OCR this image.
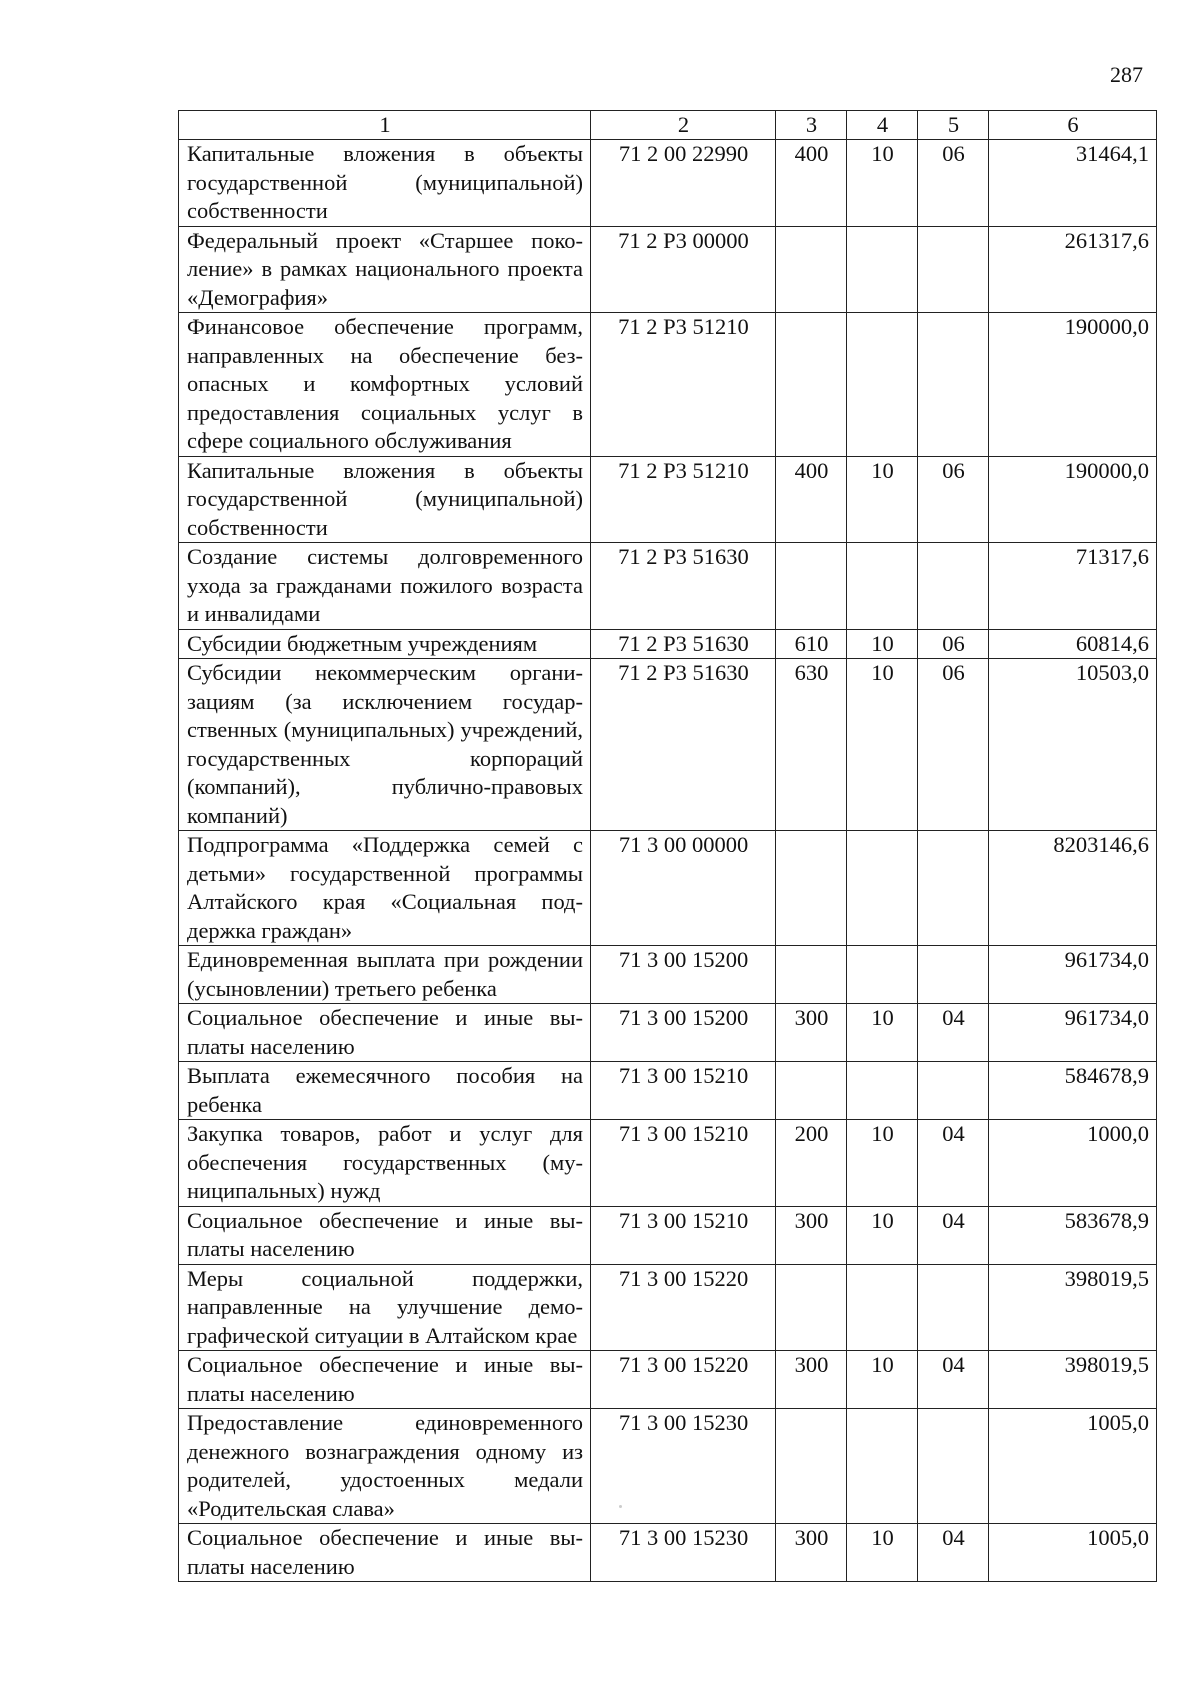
287
1	2	3	4	5	6
Капитальные вложения в объекты государственной (муниципальной) собственности	71 2 00 22990	400	10	06	31464,1
Федеральный проект «Старшее поколение» в рамках национального проекта «Демография»	71 2 P3 00000				261317,6
Финансовое обеспечение программ, направленных на обеспечение безопасных и комфортных условий предоставления социальных услуг в сфере социального обслуживания	71 2 P3 51210				190000,0
Капитальные вложения в объекты государственной (муниципальной) собственности	71 2 P3 51210	400	10	06	190000,0
Создание системы долговременного ухода за гражданами пожилого возраста и инвалидами	71 2 P3 51630				71317,6
Субсидии бюджетным учреждениям	71 2 P3 51630	610	10	06	60814,6
Субсидии некоммерческим организациям (за исключением государственных (муниципальных) учреждений, государственных корпораций (компаний), публично-правовых компаний)	71 2 P3 51630	630	10	06	10503,0
Подпрограмма «Поддержка семей с детьми» государственной программы Алтайского края «Социальная поддержка граждан»	71 3 00 00000				8203146,6
Единовременная выплата при рождении (усыновлении) третьего ребенка	71 3 00 15200				961734,0
Социальное обеспечение и иные выплаты населению	71 3 00 15200	300	10	04	961734,0
Выплата ежемесячного пособия на ребенка	71 3 00 15210				584678,9
Закупка товаров, работ и услуг для обеспечения государственных (муниципальных) нужд	71 3 00 15210	200	10	04	1000,0
Социальное обеспечение и иные выплаты населению	71 3 00 15210	300	10	04	583678,9
Меры социальной поддержки, направленные на улучшение демографической ситуации в Алтайском крае	71 3 00 15220				398019,5
Социальное обеспечение и иные выплаты населению	71 3 00 15220	300	10	04	398019,5
Предоставление единовременного денежного вознаграждения одному из родителей, удостоенных медали «Родительская слава»	71 3 00 15230				1005,0
Социальное обеспечение и иные выплаты населению	71 3 00 15230	300	10	04	1005,0
